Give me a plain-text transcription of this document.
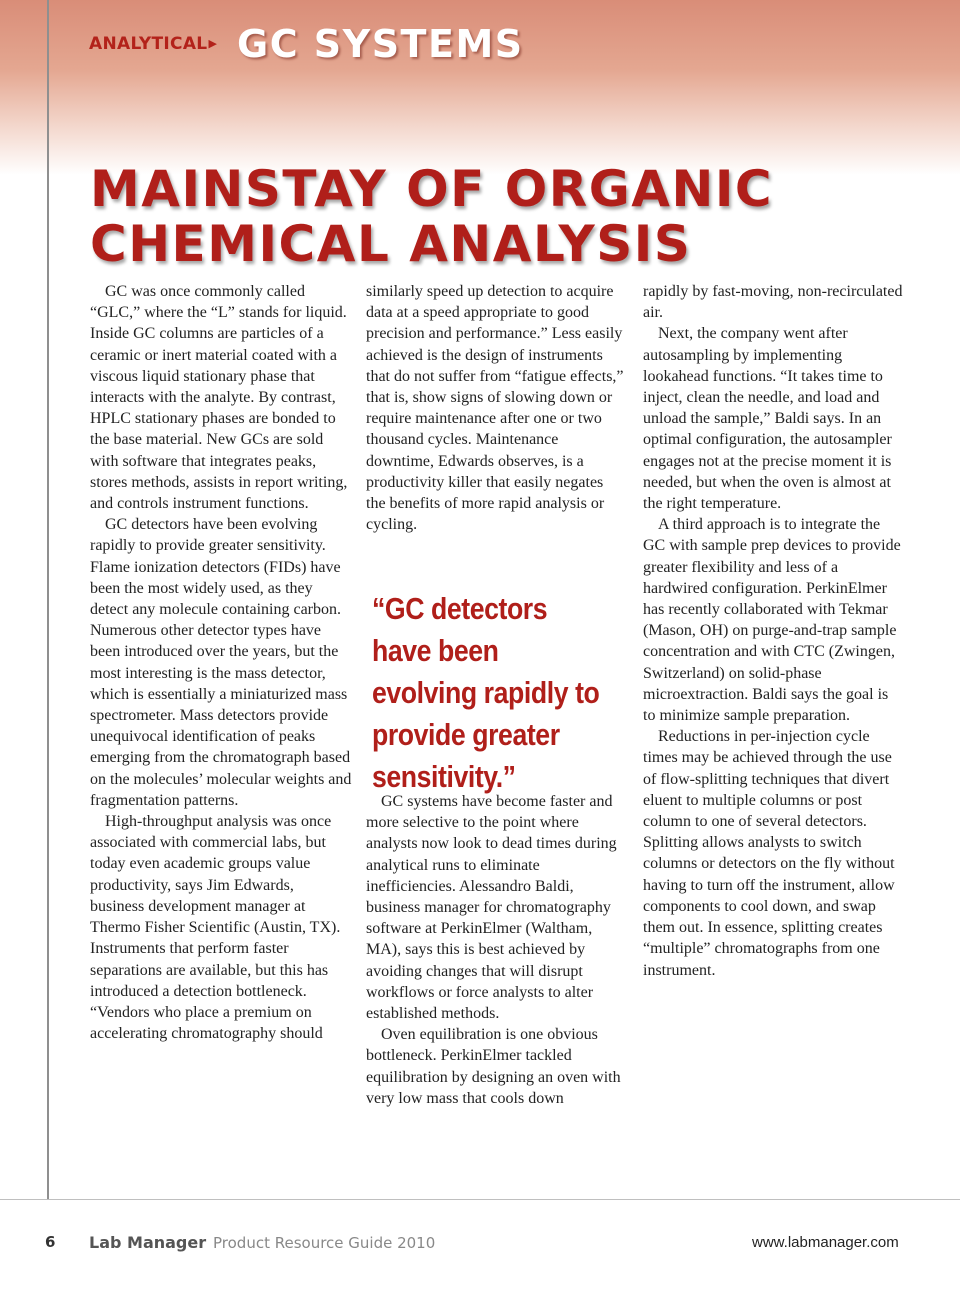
ANALYTICAL▶ GC SYSTEMS
MAINSTAY OF ORGANIC
CHEMICAL ANALYSIS

GC was once commonly called “GLC,” where the “L” stands for liquid. Inside GC columns are particles of a ceramic or inert material coated with a viscous liquid stationary phase that interacts with the analyte. By contrast, HPLC stationary phases are bonded to the base material. New GCs are sold with software that integrates peaks, stores methods, assists in report writing, and controls instrument functions.

GC detectors have been evolving rapidly to provide greater sensitivity. Flame ionization detectors (FIDs) have been the most widely used, as they detect any molecule containing carbon. Numerous other detector types have been introduced over the years, but the most interesting is the mass detector, which is essentially a miniaturized mass spectrometer. Mass detectors provide unequivocal identification of peaks emerging from the chromatograph based on the molecules’ molecular weights and fragmentation patterns.

High-throughput analysis was once associated with commercial labs, but today even academic groups value productivity, says Jim Edwards, business development manager at Thermo Fisher Scientific (Austin, TX). Instruments that perform faster separations are available, but this has introduced a detection bottleneck. “Vendors who place a premium on accelerating chromatography should

similarly speed up detection to acquire data at a speed appropriate to good precision and performance.” Less easily achieved is the design of instruments that do not suffer from “fatigue effects,” that is, show signs of slowing down or require maintenance after one or two thousand cycles. Maintenance downtime, Edwards observes, is a productivity killer that easily negates the benefits of more rapid analysis or cycling.

“GC detectors have been evolving rapidly to provide greater sensitivity.”

GC systems have become faster and more selective to the point where analysts now look to dead times during analytical runs to eliminate inefficiencies. Alessandro Baldi, business manager for chromatography software at PerkinElmer (Waltham, MA), says this is best achieved by avoiding changes that will disrupt workflows or force analysts to alter established methods.

Oven equilibration is one obvious bottleneck. PerkinElmer tackled equilibration by designing an oven with very low mass that cools down

rapidly by fast-moving, non-recirculated air.

Next, the company went after autosampling by implementing lookahead functions. “It takes time to inject, clean the needle, and load and unload the sample,” Baldi says. In an optimal configuration, the autosampler engages not at the precise moment it is needed, but when the oven is almost at the right temperature.

A third approach is to integrate the GC with sample prep devices to provide greater flexibility and less of a hardwired configuration. PerkinElmer has recently collaborated with Tekmar (Mason, OH) on purge-and-trap sample concentration and with CTC (Zwingen, Switzerland) on solid-phase microextraction. Baldi says the goal is to minimize sample preparation.

Reductions in per-injection cycle times may be achieved through the use of flow-splitting techniques that divert eluent to multiple columns or post column to one of several detectors. Splitting allows analysts to switch columns or detectors on the fly without having to turn off the instrument, allow components to cool down, and swap them out. In essence, splitting creates “multiple” chromatographs from one instrument.

6 Lab Manager Product Resource Guide 2010	www.labmanager.com
